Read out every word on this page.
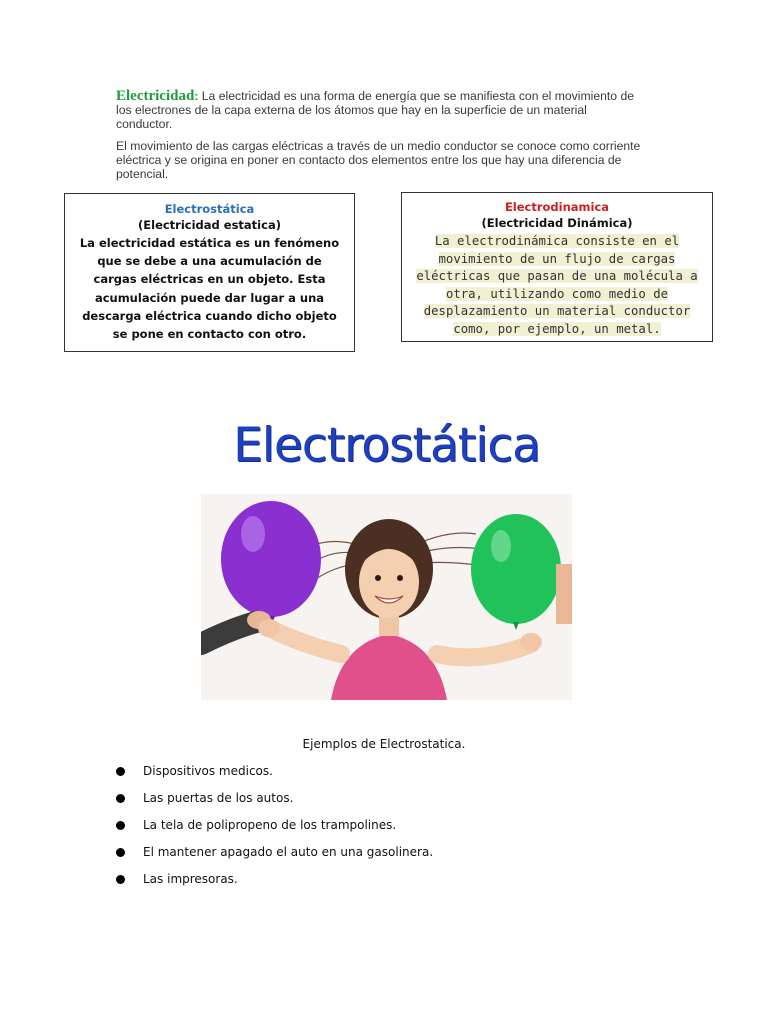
Electricidad: La electricidad es una forma de energía que se manifiesta con el movimiento de los electrones de la capa externa de los átomos que hay en la superficie de un material conductor.

El movimiento de las cargas eléctricas a través de un medio conductor se conoce como corriente eléctrica y se origina en poner en contacto dos elementos entre los que hay una diferencia de potencial.

Electrostática
(Electricidad estatica)
La electricidad estática es un fenómeno que se debe a una acumulación de cargas eléctricas en un objeto. Esta acumulación puede dar lugar a una descarga eléctrica cuando dicho objeto se pone en contacto con otro.
Electrodinamica
(Electricidad Dinámica)
La electrodinámica consiste en el movimiento de un flujo de cargas eléctricas que pasan de una molécula a otra, utilizando como medio de desplazamiento un material conductor como, por ejemplo, un metal.
Electrostática
Ejemplos de Electrostatica.
Dispositivos medicos.
Las puertas de los autos.
La tela de polipropeno de los trampolines.
El mantener apagado el auto en una gasolinera.
Las impresoras.
